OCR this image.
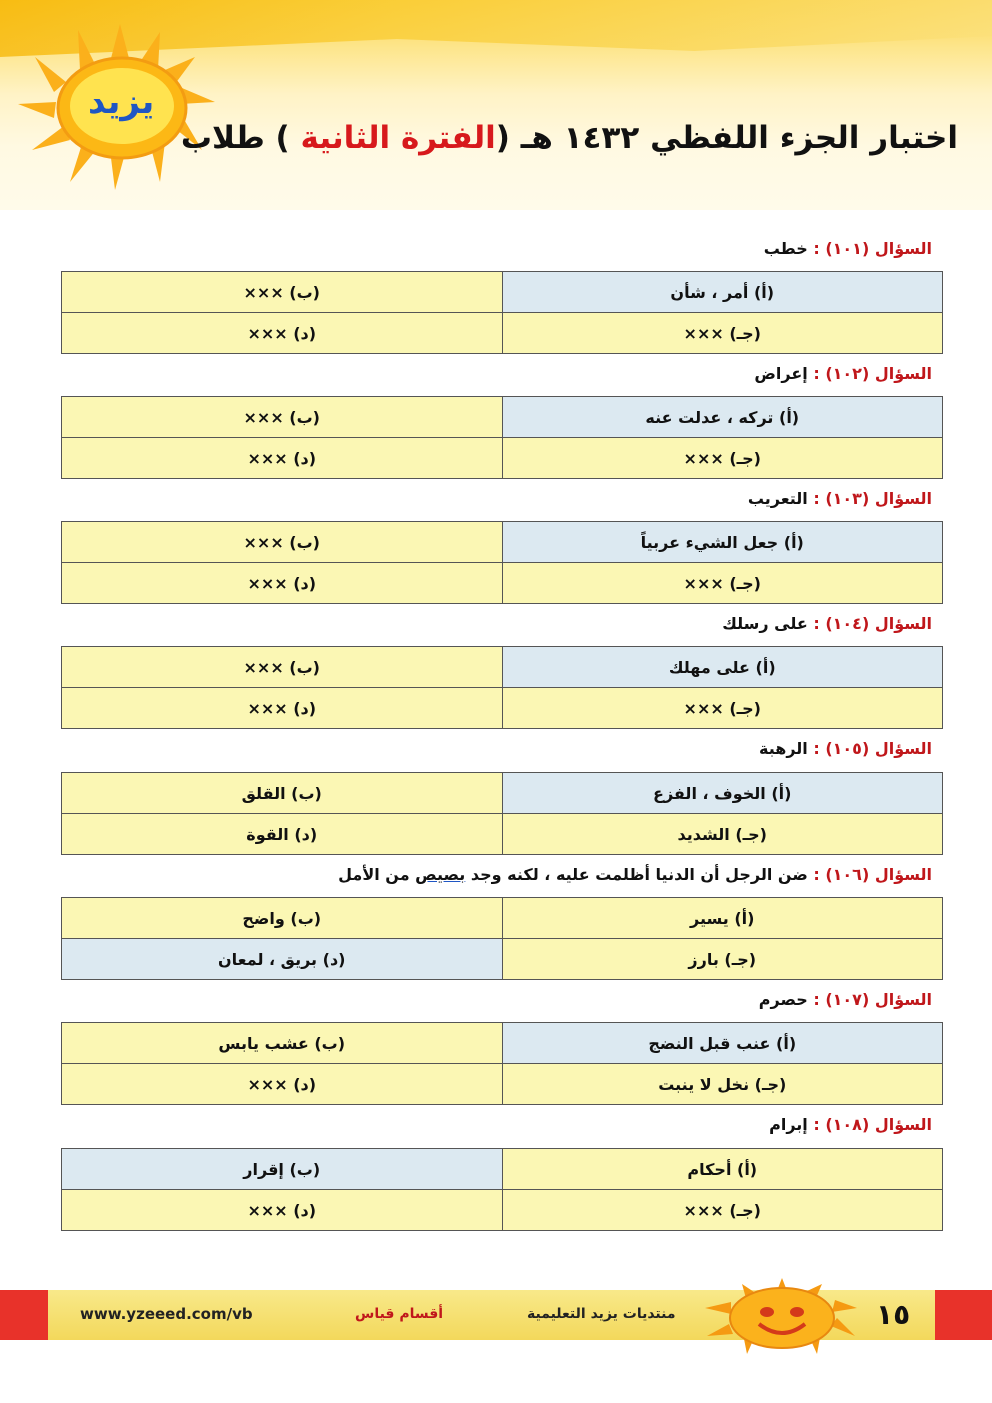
يزيد
اختبار الجزء اللفظي ١٤٣٢ هـ (الفترة الثانية ) طلاب
السؤال (١٠١) : خطب
(أ) أمر ، شأن	(ب) ×××
(جـ) ×××	(د) ×××
السؤال (١٠٢) : إعراض
(أ) تركه ، عدلت عنه	(ب) ×××
(جـ) ×××	(د) ×××
السؤال (١٠٣) : التعريب
(أ) جعل الشيء عربياً	(ب) ×××
(جـ) ×××	(د) ×××
السؤال (١٠٤) : على رسلك
(أ) على مهلك	(ب) ×××
(جـ) ×××	(د) ×××
السؤال (١٠٥) : الرهبة
(أ) الخوف ، الفزع	(ب) القلق
(جـ) الشديد	(د) القوة
السؤال (١٠٦) : ضن الرجل أن الدنيا أظلمت عليه ، لكنه وجد بصيص من الأمل
(أ) يسير	(ب) واضح
(جـ) بارز	(د) بريق ، لمعان
السؤال (١٠٧) : حصرم
(أ) عنب قبل النضج	(ب) عشب يابس
(جـ) نخل لا ينبت	(د) ×××
السؤال (١٠٨) : إبرام
(أ) أحكام	(ب) إقرار
(جـ) ×××	(د) ×××
www.yzeeed.com/vb	أقسام قياس	منتديات يزيد التعليمية	١٥
